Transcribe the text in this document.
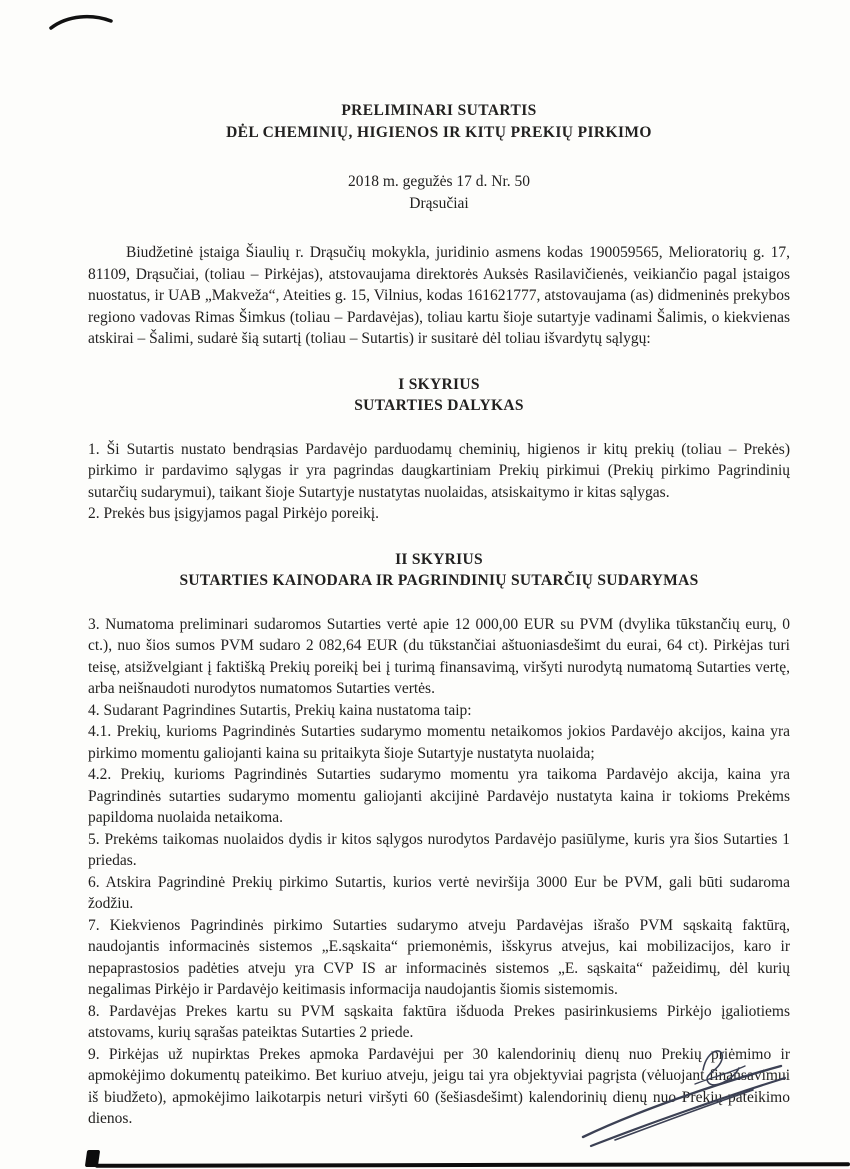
PRELIMINARI SUTARTIS
DĖL CHEMINIŲ, HIGIENOS IR KITŲ PREKIŲ PIRKIMO
2018 m. gegužės 17 d. Nr. 50
Drąsučiai

Biudžetinė įstaiga Šiaulių r. Drąsučių mokykla, juridinio asmens kodas 190059565, Melioratorių g. 17, 81109, Drąsučiai, (toliau – Pirkėjas), atstovaujama direktorės Auksės Rasilavičienės, veikiančio pagal įstaigos nuostatus, ir UAB „Makveža“, Ateities g. 15, Vilnius, kodas 161621777, atstovaujama (as) didmeninės prekybos regiono vadovas Rimas Šimkus (toliau – Pardavėjas), toliau kartu šioje sutartyje vadinami Šalimis, o kiekvienas atskirai – Šalimi, sudarė šią sutartį (toliau – Sutartis) ir susitarė dėl toliau išvardytų sąlygų:

I SKYRIUS
SUTARTIES DALYKAS

1. Ši Sutartis nustato bendrąsias Pardavėjo parduodamų cheminių, higienos ir kitų prekių (toliau – Prekės) pirkimo ir pardavimo sąlygas ir yra pagrindas daugkartiniam Prekių pirkimui (Prekių pirkimo Pagrindinių sutarčių sudarymui), taikant šioje Sutartyje nustatytas nuolaidas, atsiskaitymo ir kitas sąlygas.

2. Prekės bus įsigyjamos pagal Pirkėjo poreikį.

II SKYRIUS
SUTARTIES KAINODARA IR PAGRINDINIŲ SUTARČIŲ SUDARYMAS

3. Numatoma preliminari sudaromos Sutarties vertė apie 12 000,00 EUR su PVM (dvylika tūkstančių eurų, 0 ct.), nuo šios sumos PVM sudaro 2 082,64 EUR (du tūkstančiai aštuoniasdešimt du eurai, 64 ct). Pirkėjas turi teisę, atsižvelgiant į faktišką Prekių poreikį bei į turimą finansavimą, viršyti nurodytą numatomą Sutarties vertę, arba neišnaudoti nurodytos numatomos Sutarties vertės.

4. Sudarant Pagrindines Sutartis, Prekių kaina nustatoma taip:

4.1. Prekių, kurioms Pagrindinės Sutarties sudarymo momentu netaikomos jokios Pardavėjo akcijos, kaina yra pirkimo momentu galiojanti kaina su pritaikyta šioje Sutartyje nustatyta nuolaida;

4.2. Prekių, kurioms Pagrindinės Sutarties sudarymo momentu yra taikoma Pardavėjo akcija, kaina yra Pagrindinės sutarties sudarymo momentu galiojanti akcijinė Pardavėjo nustatyta kaina ir tokioms Prekėms papildoma nuolaida netaikoma.

5. Prekėms taikomas nuolaidos dydis ir kitos sąlygos nurodytos Pardavėjo pasiūlyme, kuris yra šios Sutarties 1 priedas.

6. Atskira Pagrindinė Prekių pirkimo Sutartis, kurios vertė neviršija 3000 Eur be PVM, gali būti sudaroma žodžiu.

7. Kiekvienos Pagrindinės pirkimo Sutarties sudarymo atveju Pardavėjas išrašo PVM sąskaitą faktūrą, naudojantis informacinės sistemos „E.sąskaita“ priemonėmis, išskyrus atvejus, kai mobilizacijos, karo ir nepaprastosios padėties atveju yra CVP IS ar informacinės sistemos „E. sąskaita“ pažeidimų, dėl kurių negalimas Pirkėjo ir Pardavėjo keitimasis informacija naudojantis šiomis sistemomis.

8. Pardavėjas Prekes kartu su PVM sąskaita faktūra išduoda Prekes pasirinkusiems Pirkėjo įgaliotiems atstovams, kurių sąrašas pateiktas Sutarties 2 priede.

9. Pirkėjas už nupirktas Prekes apmoka Pardavėjui per 30 kalendorinių dienų nuo Prekių priėmimo ir apmokėjimo dokumentų pateikimo. Bet kuriuo atveju, jeigu tai yra objektyviai pagrįsta (vėluojant finansavimui iš biudžeto), apmokėjimo laikotarpis neturi viršyti 60 (šešiasdešimt) kalendorinių dienų nuo Prekių pateikimo dienos.
